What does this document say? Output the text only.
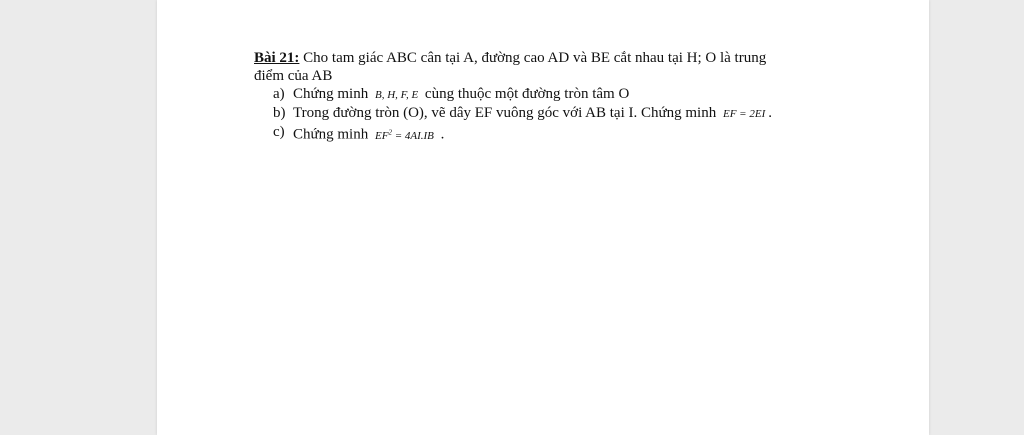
Bài 21: Cho tam giác ABC cân tại A, đường cao AD và BE cắt nhau tại H; O là trung
điểm của AB
a) Chứng minh B, H, F, E cùng thuộc một đường tròn tâm O
b) Trong đường tròn (O), vẽ dây EF vuông góc với AB tại I. Chứng minh EF = 2EI .
c) Chứng minh $EF^2 = 4AI.IB$ .
